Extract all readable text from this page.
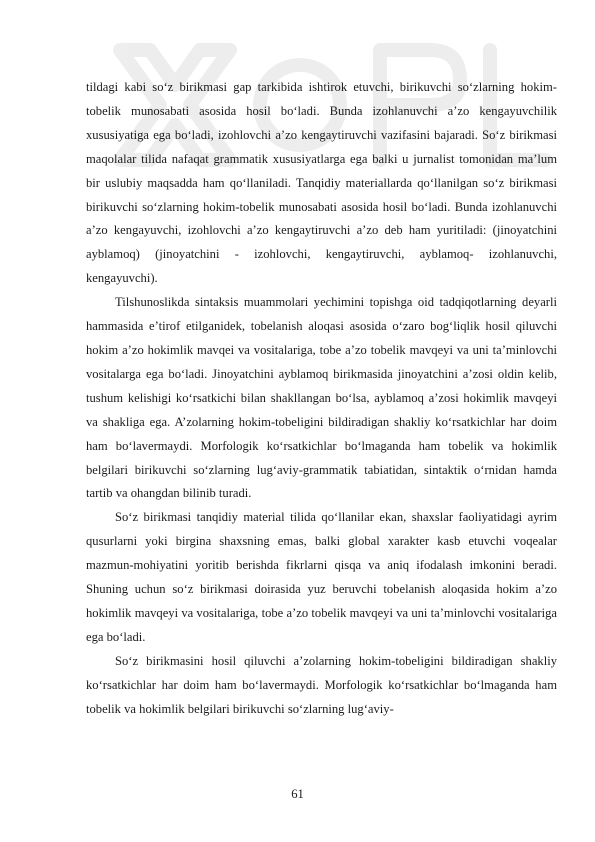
tildagi kabi so‘z birikmasi gap tarkibida ishtirok etuvchi, birikuvchi so‘zlarning hokim-tobelik munosabati asosida hosil bo‘ladi. Bunda izohlanuvchi a’zo kengayuvchilik xususiyatiga ega bo‘ladi, izohlovchi a’zo kengaytiruvchi vazifasini bajaradi. So‘z birikmasi maqolalar tilida nafaqat grammatik xususiyatlarga ega balki u jurnalist tomonidan ma’lum bir uslubiy maqsadda ham qo‘llaniladi. Tanqidiy materiallarda qo‘llanilgan so‘z birikmasi birikuvchi so‘zlarning hokim-tobelik munosabati asosida hosil bo‘ladi. Bunda izohlanuvchi a’zo kengayuvchi, izohlovchi a’zo kengaytiruvchi a’zo deb ham yuritiladi: (jinoyatchini ayblamoq) (jinoyatchini - izohlovchi, kengaytiruvchi, ayblamoq- izohlanuvchi, kengayuvchi).

Tilshunoslikda sintaksis muammolari yechimini topishga oid tadqiqotlarning deyarli hammasida e’tirof etilganidek, tobelanish aloqasi asosida o‘zaro bog‘liqlik hosil qiluvchi hokim a’zo hokimlik mavqei va vositalariga, tobe a’zo tobelik mavqeyi va uni ta’minlovchi vositalarga ega bo‘ladi. Jinoyatchini ayblamoq birikmasida jinoyatchini a’zosi oldin kelib, tushum kelishigi ko‘rsatkichi bilan shakllangan bo‘lsa, ayblamoq a’zosi hokimlik mavqeyi va shakliga ega. A’zolarning hokim-tobeligini bildiradigan shakliy ko‘rsatkichlar har doim ham bo‘lavermaydi. Morfologik ko‘rsatkichlar bo‘lmaganda ham tobelik va hokimlik belgilari birikuvchi so‘zlarning lug‘aviy-grammatik tabiatidan, sintaktik o‘rnidan hamda tartib va ohangdan bilinib turadi.

So‘z birikmasi tanqidiy material tilida qo‘llanilar ekan, shaxslar faoliyatidagi ayrim qusurlarni yoki birgina shaxsning emas, balki global xarakter kasb etuvchi voqealar mazmun-mohiyatini yoritib berishda fikrlarni qisqa va aniq ifodalash imkonini beradi. Shuning uchun so‘z birikmasi doirasida yuz beruvchi tobelanish aloqasida hokim a’zo hokimlik mavqeyi va vositalariga, tobe a’zo tobelik mavqeyi va uni ta’minlovchi vositalariga ega bo‘ladi.

So‘z birikmasini hosil qiluvchi a’zolarning hokim-tobeligini bildiradigan shakliy ko‘rsatkichlar har doim ham bo‘lavermaydi. Morfologik ko‘rsatkichlar bo‘lmaganda ham tobelik va hokimlik belgilari birikuvchi so‘zlarning lug‘aviy-

61
